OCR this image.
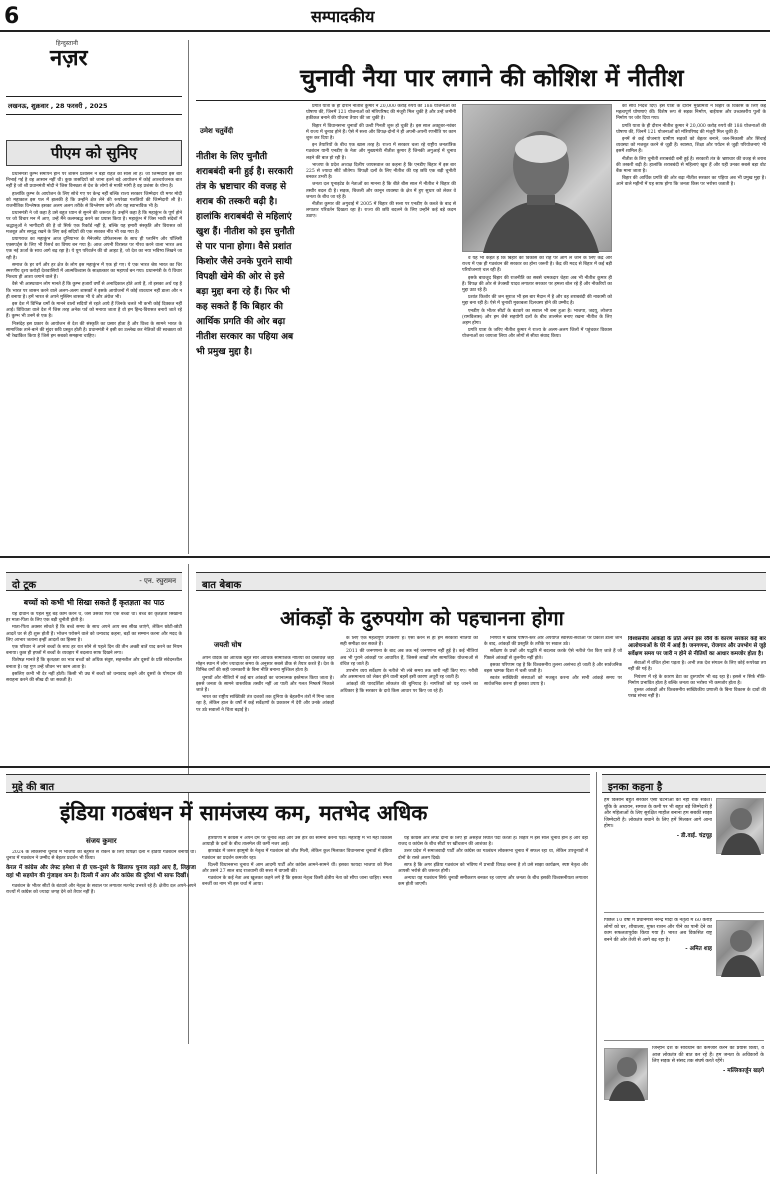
6	सम्पादकीय
हिन्दुस्तानी
नज़र
लखनऊ, शुक्रवार , 28 फरवरी , 2025
पीएम को सुनिए

प्रधानमंत्री कुम्भ समापन होने पर शासन प्रशासन ने बड़ी राहत की सांस ली है। जो जिम्मेदारी इस बार निभाई गई है वह आसान नहीं थी। कुछ त्रासदियों को जाना इतने बड़े आयोजन में कोई आश्चर्यजनक बात नहीं है जो श्री प्रधानमंत्री मोदी ने जिस विनम्रता से देश के लोगों से माफी मांगी है वह प्रशंसा के योग्य है।

हालांकि कुम्भ के आयोजन के लिए सोचे गए पर केन्द्र नहीं बल्कि राज्य सरकार जिम्मेदार थी मगर मोदी को महाकाल इस पल में झलकी है कि उन्होंने क्षेत्र लेने की रूपरेखा गलतियों की जिम्मेदारी ली है। राजनीतिक विश्लेषक इसका अलग अलग तरीके से विश्लेषण करेंगे और यह स्वाभाविक भी है।

प्रधानमंत्री ने जो कहा है उसे बहुत ध्यान से सुनने की जरूरत है। उन्होंने कहा है कि महाकुंभ के पूर्ण होने पर जो विचार मन में आए, उन्हें मैंने कलमबद्ध करने का प्रयास किया है। महाकुंभ में जिस भावी संदेशों में श्रद्धालुओं ने भागीदारी की है वो सिर्फ एक रिकॉर्ड नहीं है, बल्कि यह हमारी संस्कृति और विरासत को मजबूत और समृद्ध रखने के लिए कई सदियों की एक सशक्त नींव भी रख गया है।

प्रयागराज का महाकुंभ आज दुनियाभर के मैनेजमेंट प्रोफेशनल्स के साथ ही प्लानिंग और पॉलिसी एक्सपर्ट्स के लिए भी रिसर्च का विषय बन गया है। आज अपनी विरासत पर गौरव करने वाला भारत अब एक नई ऊर्जा के साथ आगे बढ़ रहा है। ये युग परिवर्तन की वो आहट है, जो देश का नया भविष्य लिखने जा रही है।

समाज के हर वर्ग और हर क्षेत्र के लोग इस महाकुंभ में एक हो गए। ये एक भारत श्रेष्ठ भारत का चिर स्मरणीय दृश्य करोड़ों देशवासियों में आत्मविश्वास के साक्षात्कार का महापर्व बन गया। प्रधानमंत्री के ये विचार निश्चय ही आशा जगाने वाले हैं।

वैसे भी आस्थावान लोग मानते हैं कि कुम्भ हजारों वर्षों से अनादिकाल होते आये हैं, तो इसका अर्थ यह है कि भारत पर शासन करने वाले अलग-अलग शासकों ने इसके आयोजनों में कोई व्यवधान नहीं डाला और न ही बनाया है। हमें भारत से अपने मुस्लिम शासक भी थे और अंग्रेज भी।

इस देश में विभिन्न धर्मों के मानने वालों सदियों से रहते आये हैं जिनके चलते भी कभी कोई दिक्कत नहीं आई। विविधता वाले देश में जिस तरह अनेक पर्व को मनाया जाता है वो हम हिन्द-विरासत बनाये जाते रहे हैं। कुम्भ भी उनमें से एक है।

निःसंदेह इस प्रकार के आयोजन से देश की संस्कृति का प्रसार होता है और विश्व के सामने भारत के सामाजिक ताने-बाने की सुंदर छवि प्रस्तुत होती है। प्रधानमंत्री ने इसी का उल्लेख कर नेतिकों की स्वच्छता को भी रेखांकित किया है जिसे हम सबको समझना चाहिए।

चुनावी नैया पार लगाने की कोशिश में नीतीश
उमेश चतुर्वेदी
नीतीश के लिए चुनौती शराबबंदी बनी हुई है। सरकारी तंत्र के भ्रष्टाचार की वजह से शराब की तस्करी बढ़ी है। हालांकि शराबबंदी से महिलाएं खुश हैं। नीतीश को इस चुनौती से पार पाना होगा। वैसे प्रशांत किशोर जैसे उनके पुराने साथी विपक्षी खेमे की ओर से इसे बड़ा मुद्दा बना रहे हैं। फिर भी कह सकते हैं कि बिहार की आर्थिक प्रगति की ओर बढ़ा नीतीश सरकार का पहिया अब भी प्रमुख मुद्दा है।

प्रगति यात्रा के ही दौरान नीतीश कुमार ने 20,000 करोड़ रुपये की 188 योजनाओं की घोषणा की, जिनमें 121 योजनाओं को मंत्रिपरिषद की मंजूरी मिल चुकी है और उन्हें जमीनी हकीकत बनाने की योजना तैयार की जा चुकी है।

बिहार में विधानसभा चुनावों की उल्टी गिनती शुरू हो चुकी है। इस साल अक्टूबर-नवंबर में राज्य में चुनाव होने हैं। ऐसे में सत्ता और विपक्ष-दोनों ने ही अपनी-अपनी रणनीति पर काम शुरू कर दिया है।

इन तैयारियों के बीच एक खास तरह है। राज्य में सरकार चला रहे राष्ट्रीय जनतांत्रिक गठबंधन यानी एनडीए के नेता और मुख्यमंत्री नीतीश कुमार हैं जिनकी अगुआई में चुनाव लड़ने की बात हो रही है।

भाजपा के प्रदेश अध्यक्ष दिलीप जायसवाल का कहना है कि एनडीए बिहार में इस बार 225 से ज्यादा सीटें जीतेगा। विपक्षी दलों के लिए नीतीश की यह छवि एक बड़ी चुनौती बनकर उभरी है।

जनता दल यूनाइटेड के नेताओं का मानना है कि बीते बीस साल में नीतीश ने बिहार की तस्वीर बदल दी है। सड़क, बिजली और कानून व्यवस्था के क्षेत्र में हुए सुधार को लेकर वे जनता के बीच जा रहे हैं।

नीतीश कुमार की अगुवाई में 2005 में बिहार की सत्ता पर एनडीए के कब्जे के बाद से लगातार परिवर्तन दिखता रहा है। राज्य की छवि बदलने के लिए उन्होंने कई बड़े कदम उठाए।

वे यह भी कहते हैं कि बिहार को विकास की राह पर आगे ले जाने के लिए केंद्र और राज्य में एक ही गठबंधन की सरकार का होना जरूरी है। केंद्र की मदद से बिहार में कई बड़ी परियोजनाएं चल रही हैं।

इसके बावजूद बिहार की राजनीति का सबसे चमकदार चेहरा अब भी नीतीश कुमार ही हैं। विपक्ष की ओर से तेजस्वी यादव लगातार सरकार पर हमला बोल रहे हैं और नौकरियों का मुद्दा उठा रहे हैं।

प्रशांत किशोर की जन सुराज भी इस बार मैदान में है और वह शराबबंदी की नाकामी को मुद्दा बना रही है। ऐसे में चुनावी मुकाबला दिलचस्प होने की उम्मीद है।

एनडीए के भीतर सीटों के बंटवारे का सवाल भी बना हुआ है। भाजपा, जदयू, लोजपा (रामविलास) और हम जैसे सहयोगी दलों के बीच तालमेल बनाए रखना नीतीश के लिए अहम होगा।

प्रगति यात्रा के जरिए नीतीश कुमार ने राज्य के अलग-अलग जिलों में पहुंचकर विकास योजनाओं का जायजा लिया और लोगों से सीधा संवाद किया।

को सीधे निर्देश दिए। इस यात्रा के दौरान मुख्यमंत्री ने बिहार के विकास के लिए कई महत्वपूर्ण घोषणाएं कीं। विशेष रूप से सड़क निर्माण, बाईपास और उच्चस्तरीय पुलों के निर्माण पर जोर दिया गया।

प्रगति यात्रा के ही दौरान नीतीश कुमार ने 20,000 करोड़ रुपये की 188 योजनाओं की घोषणा की, जिनमें 121 योजनाओं को मंत्रिपरिषद की मंजूरी मिल चुकी है।

इनमें से कई योजनाएं ग्रामीण सड़कों को बेहतर बनाने, जल-निकासी और सिंचाई व्यवस्था को मजबूत करने से जुड़ी हैं। स्वास्थ्य, शिक्षा और पर्यटन से जुड़ी परियोजनाएं भी इसमें शामिल हैं।

नीतीश के लिए चुनौती शराबबंदी बनी हुई है। सरकारी तंत्र के भ्रष्टाचार की वजह से शराब की तस्करी बढ़ी है। हालांकि शराबबंदी से महिलाएं खुश हैं और यही उनका सबसे बड़ा वोट बैंक माना जाता है।

बिहार की आर्थिक प्रगति की ओर बढ़ा नीतीश सरकार का पहिया अब भी प्रमुख मुद्दा है। आने वाले महीनों में यह साफ होगा कि जनता किस पर भरोसा जताती है।

दो टूक	- एन. रघुरामन
बच्चों को कभी भी सिखा सकते हैं कृतज्ञता का पाठ

यह दीवाने के पहले मुद्दे बड़े काम करने थे, जैसे उसका फिर एक बच्चा था। बच्चे को कृतज्ञता सिखाना हर माता-पिता के लिए एक बड़ी चुनौती होती है।

माता-पिता अक्सर सोचते हैं कि बच्चे समय के साथ अपने आप सब सीख जाएंगे, लेकिन छोटी-छोटी आदतें घर से ही शुरू होती हैं। भोजन परोसने वाले को धन्यवाद कहना, बड़ों का सम्मान करना और मदद के लिए आभार जताना इन्हीं आदतों का हिस्सा है।

एक परिवार ने अपने बच्चों के साथ हर रात सोने से पहले दिन की तीन अच्छी बातें याद करने का नियम बनाया। कुछ ही हफ्तों में बच्चों के व्यवहार में बदलाव साफ दिखने लगा।

विशेषज्ञ मानते हैं कि कृतज्ञता का भाव बच्चों को अधिक संतुष्ट, सहनशील और दूसरों के प्रति संवेदनशील बनाता है। यह गुण उन्हें जीवन भर काम आता है।

इसलिए कभी भी देर नहीं होती। किसी भी उम्र में बच्चों को धन्यवाद कहने और दूसरों के योगदान की सराहना करने की सीख दी जा सकती है।

बात बेबाक
आंकड़ों के दुरुपयोग को पहचानना होगा
जयती घोष

अपने वैदिक को आर्थिक बहुत सारे आर्थिक सामाजिक नीतियों की दस्तावेज़ जहाँ मोहन स्थान में लोग ज्यादातर समय के अनुसार सबसे ठीक से तैयार करते हैं। देश के विभिन्न वर्गों की सही जानकारी के बिना नीति बनाना मुश्किल होता है।

चुनावों और नीतियों में कई बार आंकड़ों का चयनात्मक इस्तेमाल किया जाता है। इससे जनता के सामने वास्तविक तस्वीर नहीं आ पाती और गलत निष्कर्ष निकाले जाते हैं।

भारत का राष्ट्रीय सांख्यिकी तंत्र दशकों तक दुनिया के बेहतरीन तंत्रों में गिना जाता रहा है, लेकिन हाल के वर्षों में कई सर्वेक्षणों के प्रकाशन में देरी और उनके आंकड़ों पर उठे सवालों ने चिंता बढ़ाई है।

के लिए एक महत्वपूर्ण उपकरण है। ऐसा करने से ही हम सरकारी नीतियों की सही समीक्षा कर सकते हैं।

2011 की जनगणना के बाद अब तक नई जनगणना नहीं हुई है। कई नीतियां अब भी पुराने आंकड़ों पर आधारित हैं, जिससे लाखों लोग सामाजिक योजनाओं से वंचित रह जाते हैं।

उपभोग व्यय सर्वेक्षण के नतीजे भी लंबे समय तक जारी नहीं किए गए। गरीबी और असमानता को लेकर होने वाली बहसें इसी कारण अधूरी रह जाती हैं।

आंकड़ों की पारदर्शिता लोकतंत्र की बुनियाद है। नागरिकों को यह जानने का अधिकार है कि सरकार के दावे किस आधार पर किए जा रहे हैं।

निर्णयों में खराब पोषण-स्तर और अपर्याप्त स्वास्थ्य-सेवाओं पर प्रकाश डाला जाने के बाद, आंकड़ों की प्रस्तुति के तरीके पर सवाल उठे।

सर्वेक्षण के प्रश्नों और पद्धति में बदलाव करके ऐसे नतीजे पेश किए जाते हैं जो पिछले आंकड़ों से तुलनीय नहीं होते।

इसका परिणाम यह है कि विश्वसनीय तुलना असंभव हो जाती है और सार्वजनिक बहस भ्रामक दिशा में चली जाती है।

स्वतंत्र सांख्यिकी संस्थाओं को मजबूत करना और सभी आंकड़े समय पर सार्वजनिक करना ही इसका उपाय है।

विश्वसनीय आंकड़ों के प्रति अपने इस रवैये के कारण सरकार कई बार आलोचनाओं के घेरे में आई है। जनगणना, रोजगार और उपभोग से जुड़े सर्वेक्षण समय पर जारी न होने से नीतियों का आधार कमजोर होता है।

सेवाओं में वंचित होना पड़ता है। अभी तक देश संगठन के लिए कोई रूपरेखा तय नहीं की गई है।

नियंत्रण में रहे के कारण डेटा का दुरुपयोग भी बढ़ रहा है। इससे न सिर्फ नीति-निर्माण प्रभावित होता है बल्कि जनता का भरोसा भी कमजोर होता है।

दुरुस्त आंकड़ों और विश्वसनीय सांख्यिकीय प्रणाली के बिना विकास के दावों की परख संभव नहीं है।

मुद्दे की बात
इंडिया गठबंधन में सामंजस्य कम, मतभेद अधिक
संजय कुमार

2024 के लोकसभा चुनाव में भाजपा को बहुमत से रोकने के लिए विपक्षी दलों ने इंडिया गठबंधन बनाया था। चुनाव में गठबंधन ने उम्मीद से बेहतर प्रदर्शन भी किया।

केरल में कांग्रेस और लेफ्ट हमेशा से ही एक-दूसरे के खिलाफ चुनाव लड़ते आए हैं, लिहाजा वहां भी सहयोग की गुंजाइश कम है। दिल्ली में आप और कांग्रेस की दूरियां भी साफ दिखीं।

गठबंधन के भीतर सीटों के बंटवारे और नेतृत्व के सवाल पर लगातार मतभेद उभरते रहे हैं। क्षेत्रीय दल अपने-अपने राज्यों में कांग्रेस को ज्यादा जगह देने को तैयार नहीं हैं।

हरियाणा में कांग्रेस ने अपने दम पर चुनाव लड़ा और उसे हार का सामना करना पड़ा। महाराष्ट्र में भी महा विकास आघाड़ी के दलों के बीच तालमेल की कमी नजर आई।

झारखंड में जरूर झामुमो के नेतृत्व में गठबंधन को जीत मिली, लेकिन कुल मिलाकर विधानसभा चुनावों में इंडिया गठबंधन का प्रदर्शन कमजोर रहा।

दिल्ली विधानसभा चुनाव में आम आदमी पार्टी और कांग्रेस आमने-सामने थीं। इसका फायदा भाजपा को मिला और उसने 27 साल बाद राजधानी की सत्ता में वापसी की।

गठबंधन के कई नेता अब खुलकर कहने लगे हैं कि इसका नेतृत्व किसी क्षेत्रीय नेता को सौंपा जाना चाहिए। ममता बनर्जी का नाम भी इस चर्चा में आया।

यह कांग्रेस और लेफ्ट दोनों के लिए ही असहज स्थिति पैदा करता है। बिहार में इस साल चुनाव होने हैं और वहां राजद व कांग्रेस के बीच सीटों पर खींचतान की आशंका है।

उत्तर प्रदेश में समाजवादी पार्टी और कांग्रेस का गठबंधन लोकसभा चुनाव में सफल रहा था, लेकिन उपचुनावों में दोनों के रास्ते अलग दिखे।

साफ है कि अगर इंडिया गठबंधन को भविष्य में प्रभावी विपक्ष बनना है तो उसे साझा कार्यक्रम, स्पष्ट नेतृत्व और आपसी भरोसे की जरूरत होगी।

अन्यथा यह गठबंधन सिर्फ चुनावी समीकरण बनकर रह जाएगा और जनता के बीच इसकी विश्वसनीयता लगातार कम होती जाएगी।

इनका कहना है

हम किसान बहुत सरकार ऐसी घटनाओं को नहीं रोक सकते। चूंकि के अध्ययन, समाज के कमी पर भी बहुत बड़े जिम्मेदारी हैं और महिलाओं के लिए सुरक्षित माहौल बनाना हम सबकी साझा जिम्मेदारी है। लोकतंत्र बचाने के लिए हमें मिलकर आगे आना होगा।

- डी.वाई. चंद्रचूड़

पिछले 10 वर्षों में प्रधानमंत्री नरेन्द्र मोदी के नेतृत्व में 60 करोड़ लोगों को घर, शौचालय, मुफ्त राशन और पीने का पानी देने का काम सफलतापूर्वक किया गया है। भारत अब विकसित राष्ट्र बनने की ओर तेजी से आगे बढ़ रहा है।

- अमित शाह

जिन्होंने देश के संविधान को कमजोर करने का प्रयास किया, वे आज लोकतंत्र की बात कर रहे हैं। हम जनता के अधिकारों के लिए सड़क से संसद तक संघर्ष करते रहेंगे।

- मल्लिकार्जुन खड़गे
